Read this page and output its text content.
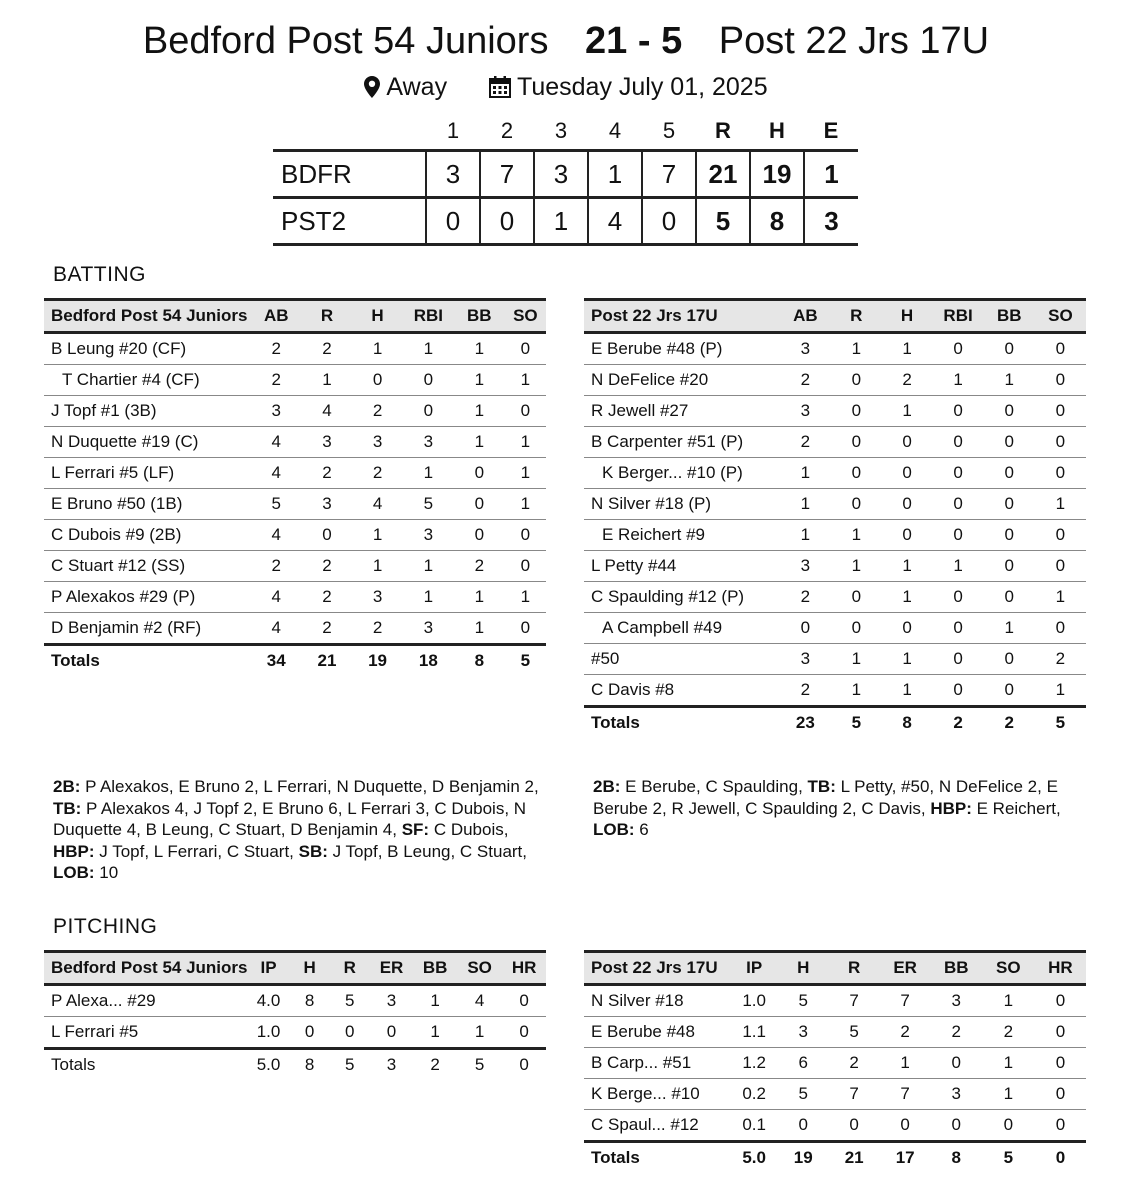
Bedford Post 54 Juniors 21 - 5 Post 22 Jrs 17U
Away	Tuesday July 01, 2025
	1	2	3	4	5	R	H	E
BDFR	3	7	3	1	7	21	19	1
PST2	0	0	1	4	0	5	8	3
BATTING
Bedford Post 54 Juniors	AB	R	H	RBI	BB	SO
B Leung #20 (CF)	2	2	1	1	1	0
T Chartier #4 (CF)	2	1	0	0	1	1
J Topf #1 (3B)	3	4	2	0	1	0
N Duquette #19 (C)	4	3	3	3	1	1
L Ferrari #5 (LF)	4	2	2	1	0	1
E Bruno #50 (1B)	5	3	4	5	0	1
C Dubois #9 (2B)	4	0	1	3	0	0
C Stuart #12 (SS)	2	2	1	1	2	0
P Alexakos #29 (P)	4	2	3	1	1	1
D Benjamin #2 (RF)	4	2	2	3	1	0
Totals	34	21	19	18	8	5
Post 22 Jrs 17U	AB	R	H	RBI	BB	SO
E Berube #48 (P)	3	1	1	0	0	0
N DeFelice #20	2	0	2	1	1	0
R Jewell #27	3	0	1	0	0	0
B Carpenter #51 (P)	2	0	0	0	0	0
K Berger... #10 (P)	1	0	0	0	0	0
N Silver #18 (P)	1	0	0	0	0	1
E Reichert #9	1	1	0	0	0	0
L Petty #44	3	1	1	1	0	0
C Spaulding #12 (P)	2	0	1	0	0	1
A Campbell #49	0	0	0	0	1	0
#50	3	1	1	0	0	2
C Davis #8	2	1	1	0	0	1
Totals	23	5	8	2	2	5
2B: P Alexakos, E Bruno 2, L Ferrari, N Duquette, D Benjamin 2, TB: P Alexakos 4, J Topf 2, E Bruno 6, L Ferrari 3, C Dubois, N Duquette 4, B Leung, C Stuart, D Benjamin 4, SF: C Dubois, HBP: J Topf, L Ferrari, C Stuart, SB: J Topf, B Leung, C Stuart, LOB: 10
2B: E Berube, C Spaulding, TB: L Petty, #50, N DeFelice 2, E Berube 2, R Jewell, C Spaulding 2, C Davis, HBP: E Reichert, LOB: 6
PITCHING
Bedford Post 54 Juniors	IP	H	R	ER	BB	SO	HR
P Alexa... #29	4.0	8	5	3	1	4	0
L Ferrari #5	1.0	0	0	0	1	1	0
Totals	5.0	8	5	3	2	5	0
Post 22 Jrs 17U	IP	H	R	ER	BB	SO	HR
N Silver #18	1.0	5	7	7	3	1	0
E Berube #48	1.1	3	5	2	2	2	0
B Carp... #51	1.2	6	2	1	0	1	0
K Berge... #10	0.2	5	7	7	3	1	0
C Spaul... #12	0.1	0	0	0	0	0	0
Totals	5.0	19	21	17	8	5	0
